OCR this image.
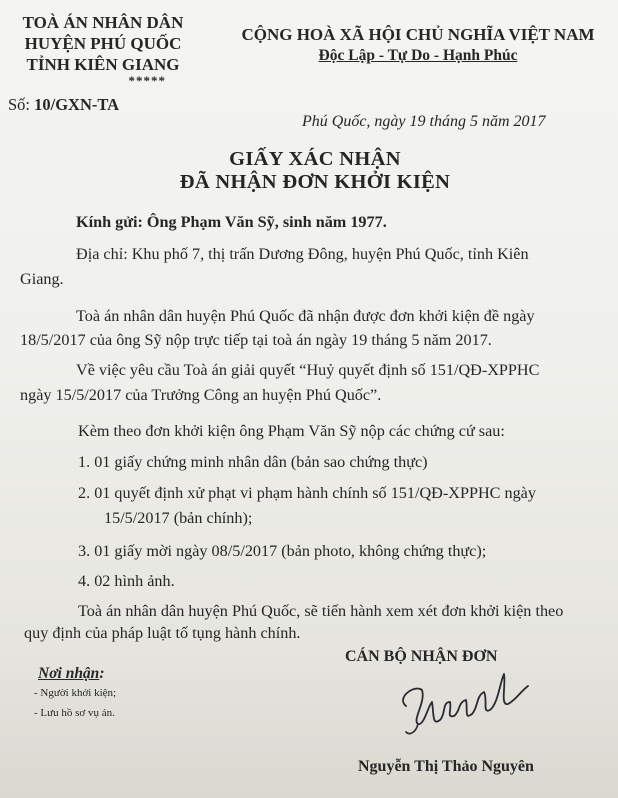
TOÀ ÁN NHÂN DÂN
HUYỆN PHÚ QUỐC
TỈNH KIÊN GIANG
*****
CỘNG HOÀ XÃ HỘI CHỦ NGHĨA VIỆT NAM
Độc Lập - Tự Do - Hạnh Phúc
Số: 10/GXN-TA
Phú Quốc, ngày 19 tháng 5 năm 2017
GIẤY XÁC NHẬN
ĐÃ NHẬN ĐƠN KHỞI KIỆN
Kính gửi: Ông Phạm Văn Sỹ, sinh năm 1977.
Địa chỉ: Khu phố 7, thị trấn Dương Đông, huyện Phú Quốc, tỉnh Kiên
Giang.
Toà án nhân dân huyện Phú Quốc đã nhận được đơn khởi kiện đề ngày
18/5/2017 của ông Sỹ nộp trực tiếp tại toà án ngày 19 tháng 5 năm 2017.
Về việc yêu cầu Toà án giải quyết “Huỷ quyết định số 151/QĐ-XPPHC
ngày 15/5/2017 của Trưởng Công an huyện Phú Quốc”.
Kèm theo đơn khởi kiện ông Phạm Văn Sỹ nộp các chứng cứ sau:
1. 01 giấy chứng minh nhân dân (bản sao chứng thực)
2. 01 quyết định xử phạt vi phạm hành chính số 151/QĐ-XPPHC ngày
15/5/2017 (bản chính);
3. 01 giấy mời ngày 08/5/2017 (bản photo, không chứng thực);
4. 02 hình ảnh.
Toà án nhân dân huyện Phú Quốc, sẽ tiến hành xem xét đơn khởi kiện theo
quy định của pháp luật tố tụng hành chính.
Nơi nhận:
- Người khởi kiện;
- Lưu hồ sơ vụ án.
CÁN BỘ NHẬN ĐƠN
Nguyễn Thị Thảo Nguyên
